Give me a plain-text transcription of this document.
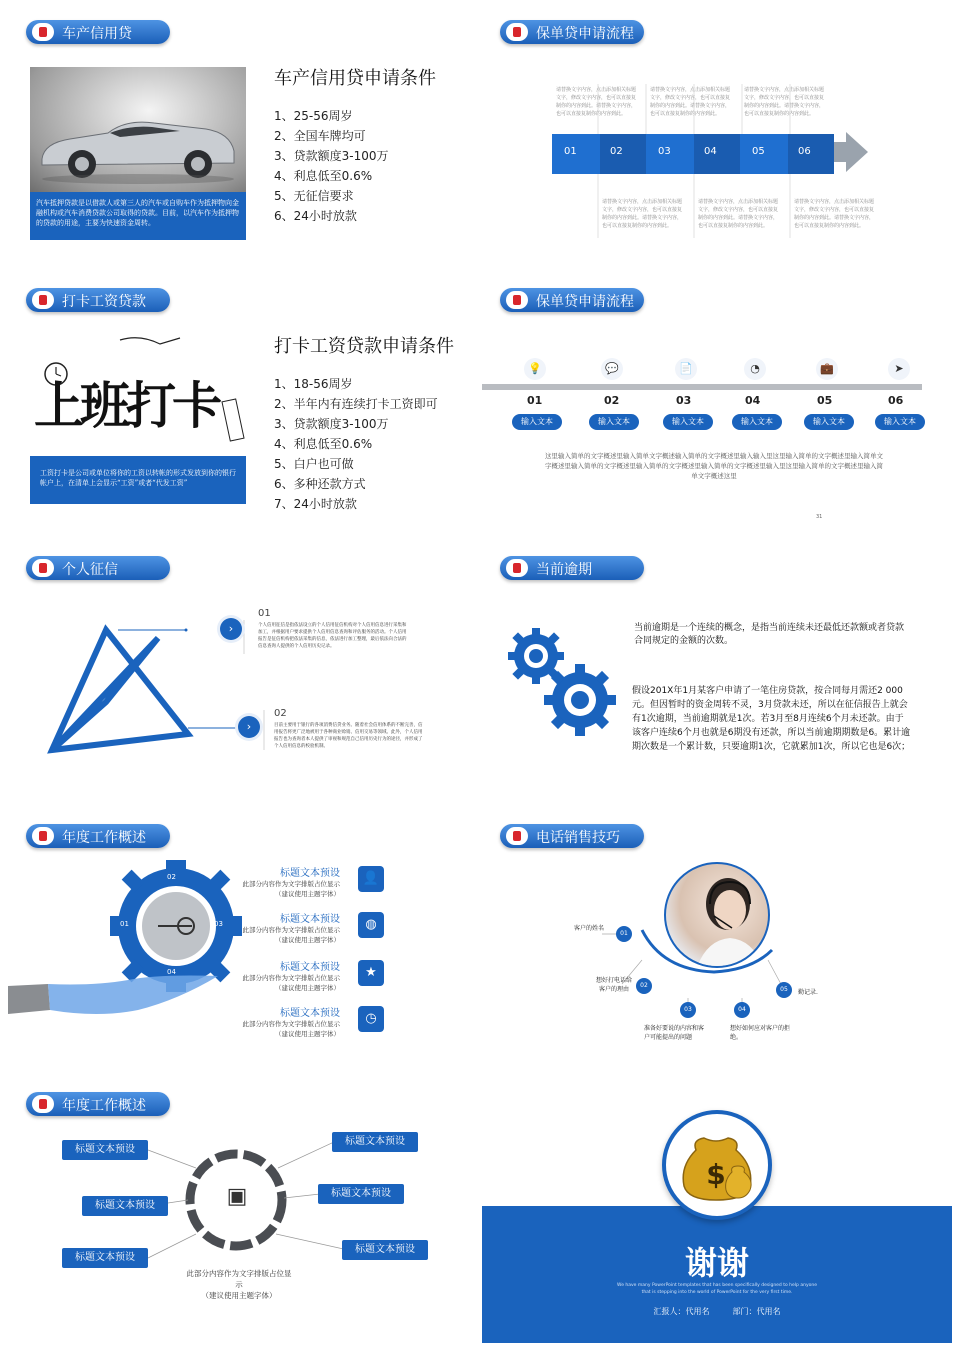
车产信用贷
汽车抵押贷款是以借款人或第三人的汽车或自购车作为抵押物向金融机构或汽车消费贷款公司取得的贷款。目前，以汽车作为抵押物的贷款的用途，主要为快速资金周转。
车产信用贷申请条件
1、25-56周岁
2、全国车牌均可
3、贷款额度3-100万
4、利息低至0.6%
5、无征信要求
6、24小时放款
保单贷申请流程
请替换文字内容，点击添加相关标题文字，修改文字内容，也可以直接复制你的内容到此。请替换文字内容，也可以直接复制你的内容到此。
请替换文字内容，点击添加相关标题文字，修改文字内容，也可以直接复制你的内容到此。请替换文字内容，也可以直接复制你的内容到此。
请替换文字内容，点击添加相关标题文字，修改文字内容，也可以直接复制你的内容到此。请替换文字内容，也可以直接复制你的内容到此。
01	02	03	04	05	06
请替换文字内容，点击添加相关标题文字，修改文字内容，也可以直接复制你的内容到此。请替换文字内容，也可以直接复制你的内容到此。
请替换文字内容，点击添加相关标题文字，修改文字内容，也可以直接复制你的内容到此。请替换文字内容，也可以直接复制你的内容到此。
请替换文字内容，点击添加相关标题文字，修改文字内容，也可以直接复制你的内容到此。请替换文字内容，也可以直接复制你的内容到此。
打卡工资贷款
上班打卡
工资打卡是公司或单位将你的工资以转帐的形式发放到你的银行帐户上，在清单上会显示“工资”或者“代发工资”
打卡工资贷款申请条件
1、18-56周岁
2、半年内有连续打卡工资即可
3、贷款额度3-100万
4、利息低至0.6%
5、白户也可做
6、多种还款方式
7、24小时放款
保单贷申请流程
💡	💬	📄	◔	💼	➤
01	02	03	04	05	06
输入文本	输入文本	输入文本	输入文本	输入文本	输入文本
这里输入简单的文字概述里输入简单文字概述输入简单的文字概述里输入输入里这里输入简单的文字概述里输入简单文字概述里输入简单的文字概述里输入简单的文字概述里输入简单的文字概述里输入里这里输入简单的文字概述里输入简单文字概述这里
31
个人征信
›
01
个人信用征信是指依法设立的个人信用征信机构对个人信用信息进行采集和加工，并根据用户要求提供个人信用信息查询和评估服务的活动。个人信用报告是征信机构把依法采集的信息，依法进行加工整理，最后依法向合法的信息查询人提供的个人信用历史记录。
›
02
目前主要用于银行的各项消费信贷业务。随着社会信用体系的不断完善，信用报告将更广泛地被用于各种商业赊销、信用交易等领域。此外，个人信用报告也为查询者本人提供了审视和规范自己信用历史行为的途径，并形成了个人信用信息的校验机制。
当前逾期
当前逾期是一个连续的概念，是指当前连续未还最低还款额或者贷款合同规定的金额的次数。
假设201X年1月某客户申请了一笔住房贷款，按合同每月需还2 000元。但因暂时的资金周转不灵，3月贷款未还，所以在征信报告上就会有1次逾期，当前逾期就是1次。若3月至8月连续6个月未还款。由于该客户连续6个月也就是6期没有还款，所以当前逾期期数是6。累计逾期次数是一个累计数，只要逾期1次，它就累加1次，所以它也是6次；
年度工作概述
01
02
03
04
标题文本预设
此部分内容作为文字排版占位显示
（建议使用主题字体）
👤
标题文本预设
此部分内容作为文字排版占位显示
（建议使用主题字体）
◍
标题文本预设
此部分内容作为文字排版占位显示
（建议使用主题字体）
★
标题文本预设
此部分内容作为文字排版占位显示
（建议使用主题字体）
◷
电话销售技巧
01
客户的姓名
02
想好打电话给客户的理由
03
准备好要说的内容和客户可能提出的问题
04
想好如何应对客户的拒绝。
05	勤记录.
年度工作概述
▣
标题文本预设
标题文本预设
标题文本预设
标题文本预设
标题文本预设
标题文本预设
此部分内容作为文字排版占位显
示
（建议使用主题字体）
$
谢谢
We have many PowerPoint templates that has been specifically designed to help anyone that is stepping into the world of PowerPoint for the very first time.
汇报人：代用名	部门：代用名
